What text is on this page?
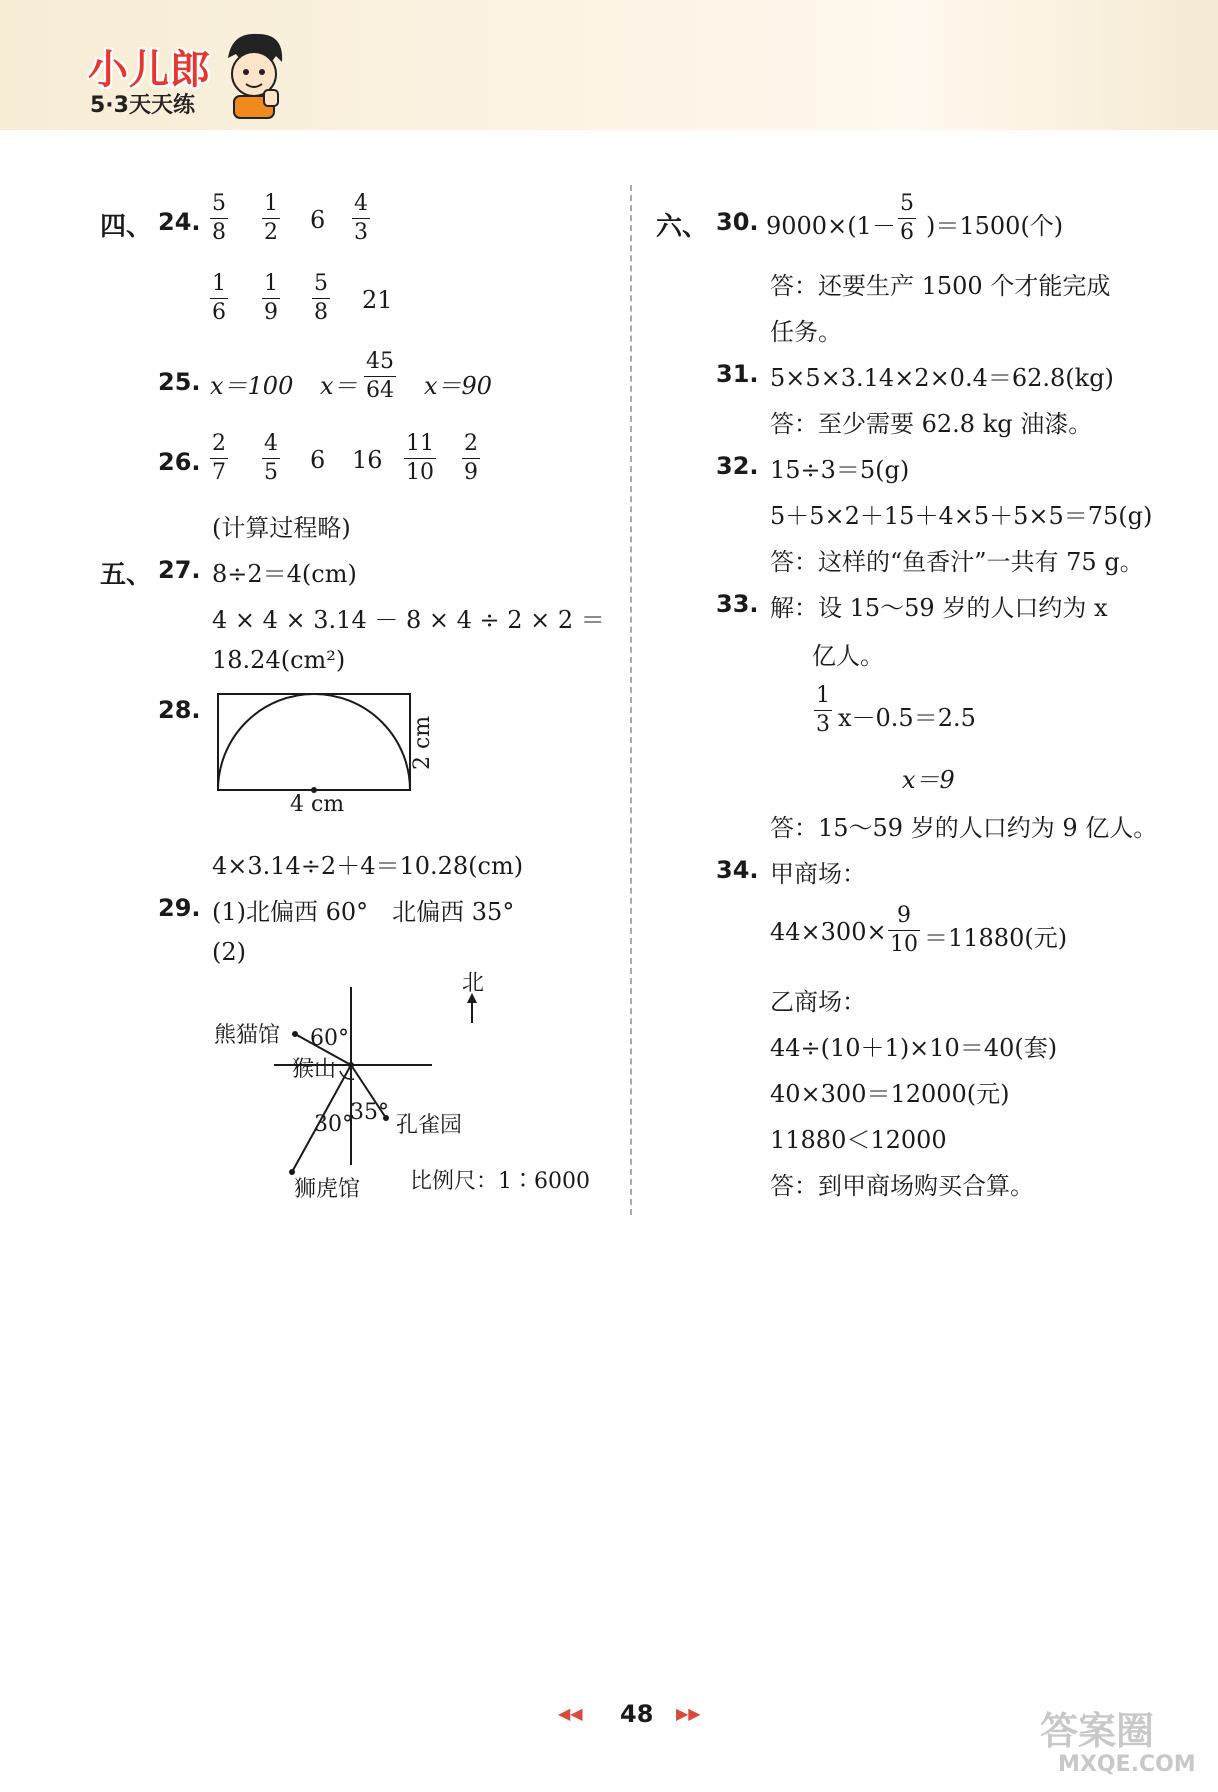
小儿郎
5·3天天练
四、 24. $\frac{5}{8} \frac{1}{2} 6 \frac{4}{3}$
$\frac{1}{6} \frac{1}{9} \frac{5}{8} 21$
25. x＝100 $x= \frac{45}{64} x=90$
26. $\frac{2}{7} \frac{4}{5} 6$ $16 \frac{11}{10} \frac{2}{9}$
(计算过程略)
五、 27. 8÷2＝4(cm)
4 × 4 × 3.14 － 8 × 4 ÷ 2 × 2 ＝
18.24(cm²)
28.
2 cm
4 cm
4×3.14÷2＋4＝10.28(cm)
29. (1)北偏西 60°　北偏西 35°
(2)
北
熊猫馆 60°
猴山
30°
35°
孔雀园
狮虎馆 比例尺：1∶6000
六、 30. $9000\times(1- \frac{5}{6} )=1500$(个)
答：还要生产 1500 个才能完成
任务。
31. 5×5×3.14×2×0.4＝62.8(kg)
答：至少需要 62.8 kg 油漆。
32. 15÷3＝5(g)
5＋5×2＋15＋4×5＋5×5＝75(g)
答：这样的“鱼香汁”一共有 75 g。
33. 解：设 15～59 岁的人口约为 x
亿人。
$\frac{1}{3} x-0.5=2.5$
x＝9
答：15～59 岁的人口约为 9 亿人。
34. 甲商场：
$44\times 300\times \frac{9}{10} =11880$(元)
乙商场：
44÷(10＋1)×10＝40(套)
40×300＝12000(元)
11880＜12000
答：到甲商场购买合算。
◀◀ 48 ▶▶	答案圈
MXQE.COM
